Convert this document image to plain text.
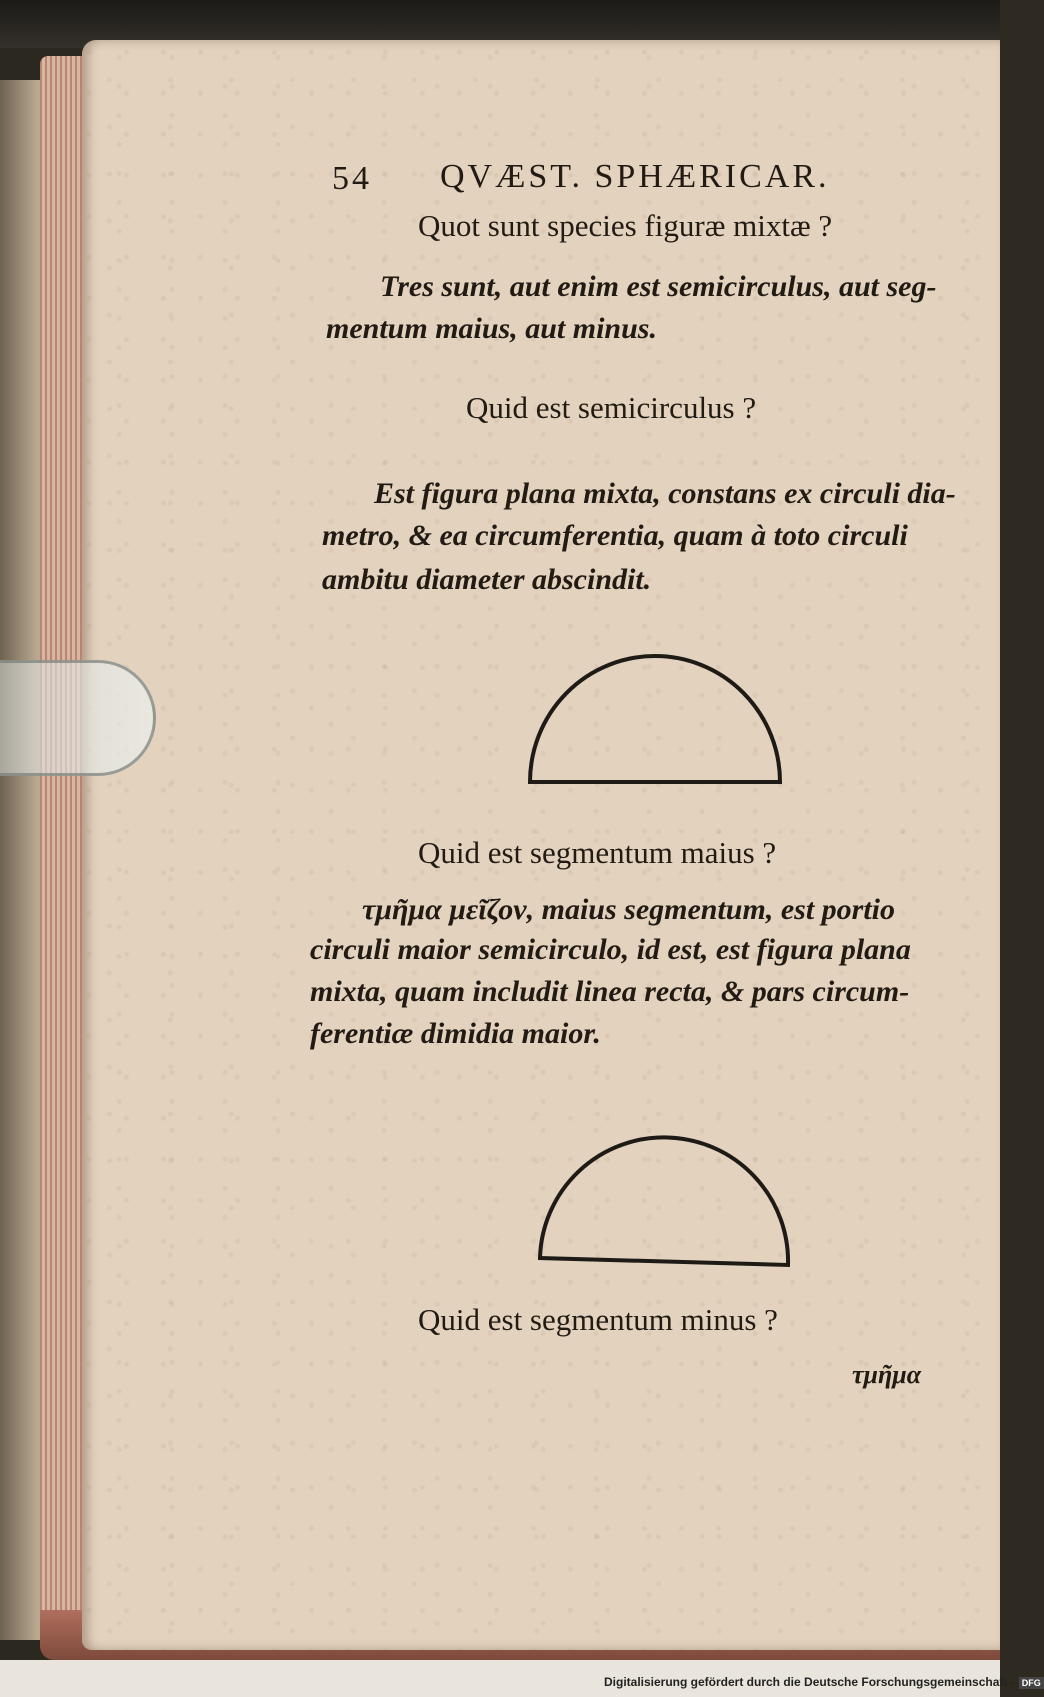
54 QVÆST. SPHÆRICAR.
Quot sunt species figuræ mixtæ ?
Tres sunt, aut enim est semicirculus, aut seg-
mentum maius, aut minus.
Quid est semicirculus ?
Est figura plana mixta, constans ex circuli dia-
metro, & ea circumferentia, quam à toto circuli
ambitu diameter abscindit.
Quid est segmentum maius ?
τμῆμα μεῖζον, maius segmentum, est portio
circuli maior semicirculo, id est, est figura plana
mixta, quam includit linea recta, & pars circum-
ferentiæ dimidia maior.
Quid est segmentum minus ?
τμῆμα
Digitalisierung gefördert durch die Deutsche Forschungsgemeinschaft - DFG
